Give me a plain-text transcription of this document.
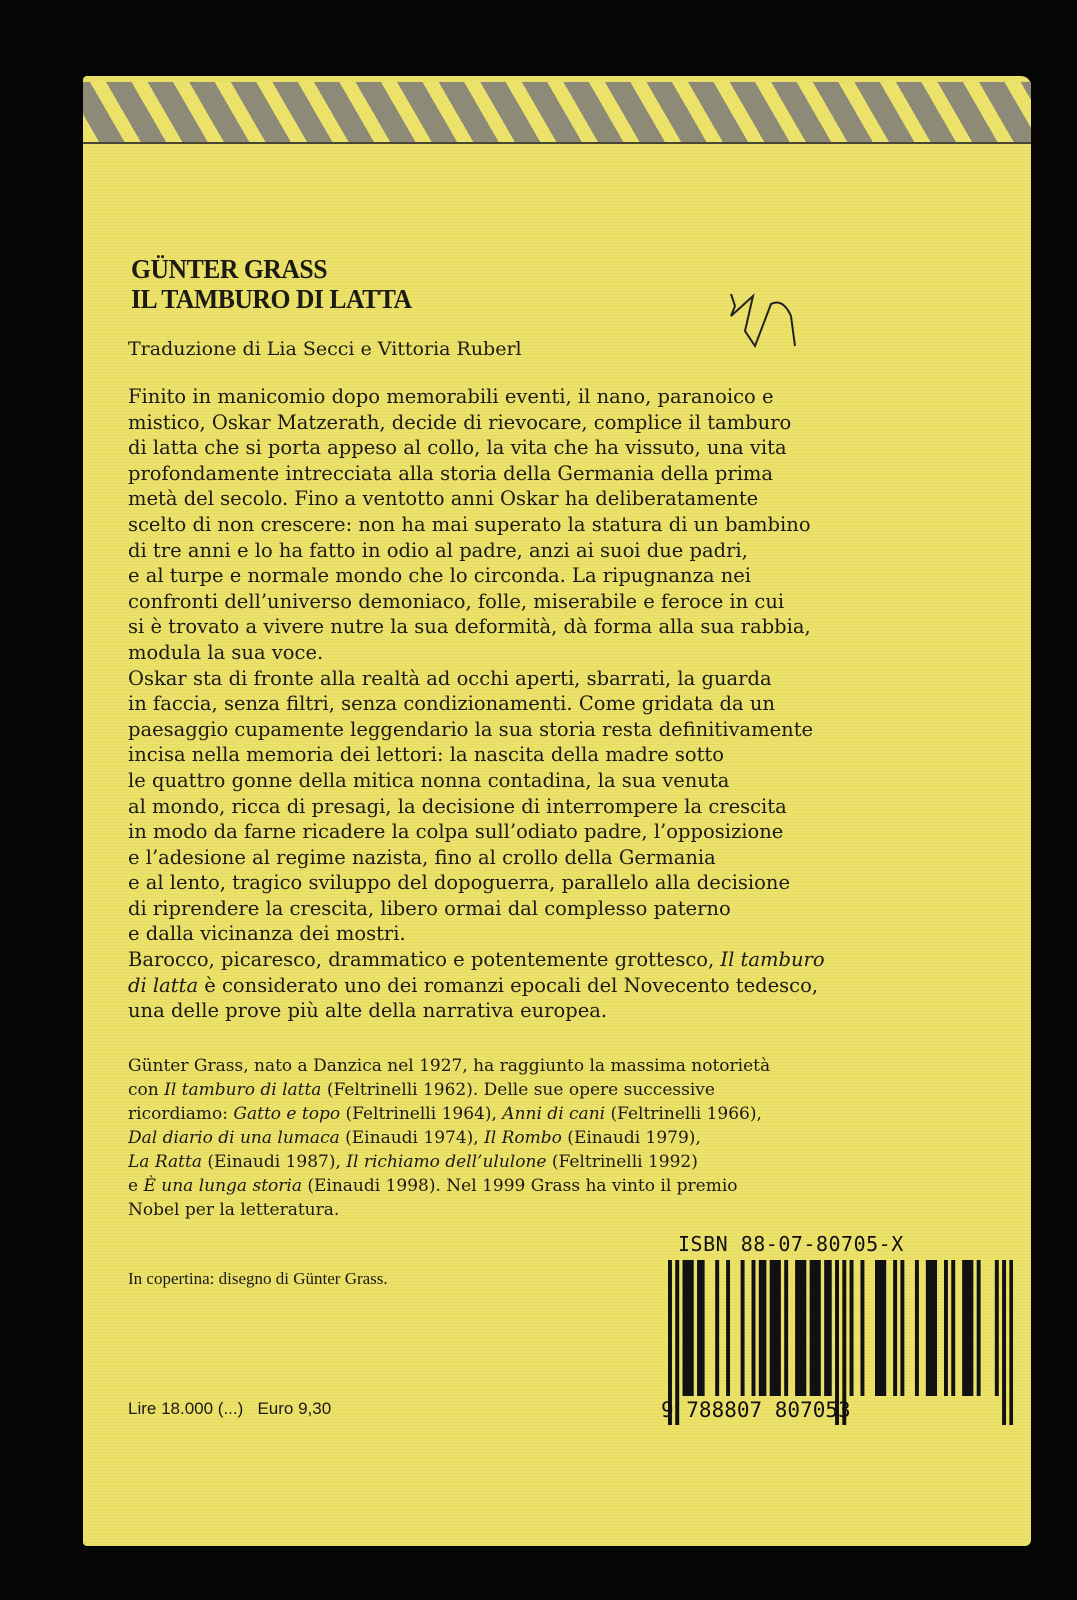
GÜNTER GRASS
IL TAMBURO DI LATTA
Traduzione di Lia Secci e Vittoria Ruberl
Finito in manicomio dopo memorabili eventi, il nano, paranoico e
mistico, Oskar Matzerath, decide di rievocare, complice il tamburo
di latta che si porta appeso al collo, la vita che ha vissuto, una vita
profondamente intrecciata alla storia della Germania della prima
metà del secolo. Fino a ventotto anni Oskar ha deliberatamente
scelto di non crescere: non ha mai superato la statura di un bambino
di tre anni e lo ha fatto in odio al padre, anzi ai suoi due padri,
e al turpe e normale mondo che lo circonda. La ripugnanza nei
confronti dell’universo demoniaco, folle, miserabile e feroce in cui
si è trovato a vivere nutre la sua deformità, dà forma alla sua rabbia,
modula la sua voce.
Oskar sta di fronte alla realtà ad occhi aperti, sbarrati, la guarda
in faccia, senza filtri, senza condizionamenti. Come gridata da un
paesaggio cupamente leggendario la sua storia resta definitivamente
incisa nella memoria dei lettori: la nascita della madre sotto
le quattro gonne della mitica nonna contadina, la sua venuta
al mondo, ricca di presagi, la decisione di interrompere la crescita
in modo da farne ricadere la colpa sull’odiato padre, l’opposizione
e l’adesione al regime nazista, fino al crollo della Germania
e al lento, tragico sviluppo del dopoguerra, parallelo alla decisione
di riprendere la crescita, libero ormai dal complesso paterno
e dalla vicinanza dei mostri.
Barocco, picaresco, drammatico e potentemente grottesco, Il tamburo
di latta è considerato uno dei romanzi epocali del Novecento tedesco,
una delle prove più alte della narrativa europea.
Günter Grass, nato a Danzica nel 1927, ha raggiunto la massima notorietà
con Il tamburo di latta (Feltrinelli 1962). Delle sue opere successive
ricordiamo: Gatto e topo (Feltrinelli 1964), Anni di cani (Feltrinelli 1966),
Dal diario di una lumaca (Einaudi 1974), Il Rombo (Einaudi 1979),
La Ratta (Einaudi 1987), Il richiamo dell’ululone (Feltrinelli 1992)
e È una lunga storia (Einaudi 1998). Nel 1999 Grass ha vinto il premio
Nobel per la letteratura.
In copertina: disegno di Günter Grass.
Lire 18.000 (...)   Euro 9,30
ISBN 88-07-80705-X
9 788807 807053
